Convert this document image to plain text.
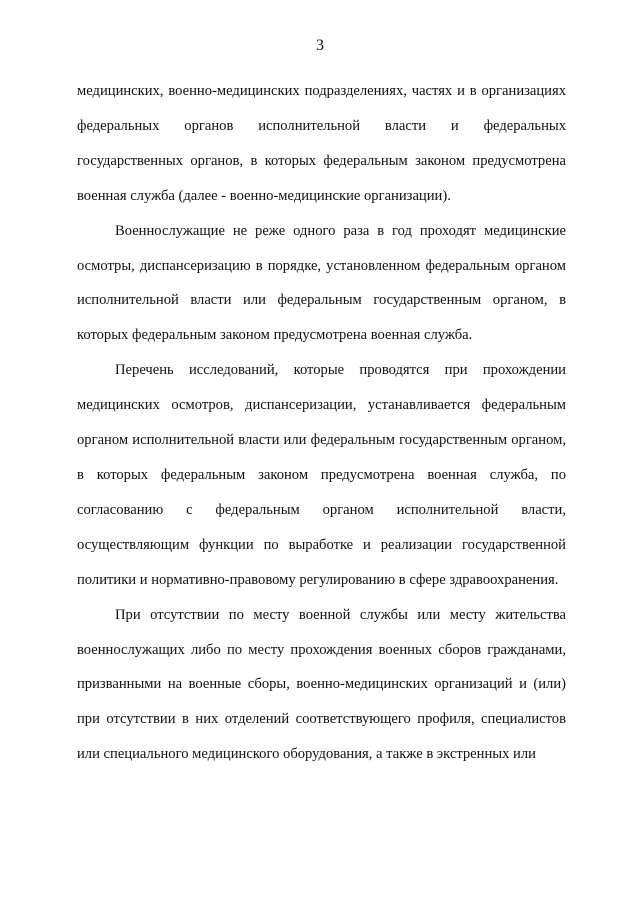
3

медицинских, военно-медицинских подразделениях, частях и в организациях федеральных органов исполнительной власти и федеральных государственных органов, в которых федеральным законом предусмотрена военная служба (далее - военно-медицинские организации).

Военнослужащие не реже одного раза в год проходят медицинские осмотры, диспансеризацию в порядке, установленном федеральным органом исполнительной власти или федеральным государственным органом, в которых федеральным законом предусмотрена военная служба.

Перечень исследований, которые проводятся при прохождении медицинских осмотров, диспансеризации, устанавливается федеральным органом исполнительной власти или федеральным государственным органом, в которых федеральным законом предусмотрена военная служба, по согласованию с федеральным органом исполнительной власти, осуществляющим функции по выработке и реализации государственной политики и нормативно-правовому регулированию в сфере здравоохранения.

При отсутствии по месту военной службы или месту жительства военнослужащих либо по месту прохождения военных сборов гражданами, призванными на военные сборы, военно-медицинских организаций и (или) при отсутствии в них отделений соответствующего профиля, специалистов или специального медицинского оборудования, а также в экстренных или
